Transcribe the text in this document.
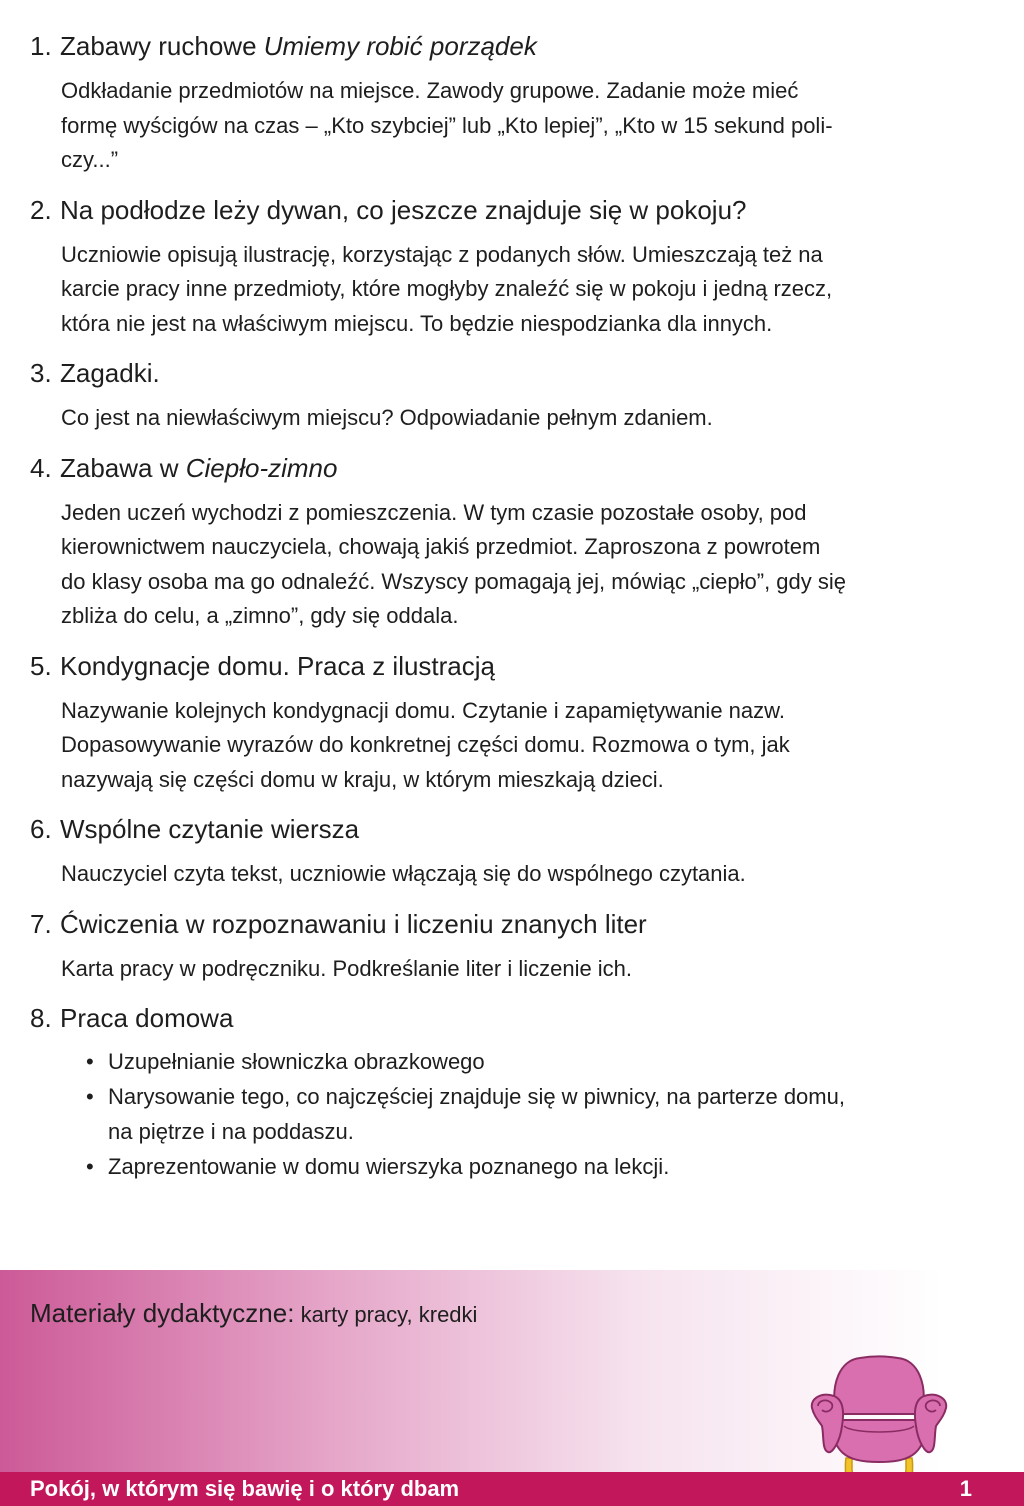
1. Zabawy ruchowe Umiemy robić porządek
Odkładanie przedmiotów na miejsce. Zawody grupowe. Zadanie może mieć
formę wyścigów na czas – „Kto szybciej” lub „Kto lepiej”, „Kto w 15 sekund poli-
czy...”
2. Na podłodze leży dywan, co jeszcze znajduje się w pokoju?
Uczniowie opisują ilustrację, korzystając z podanych słów. Umieszczają też na
karcie pracy inne przedmioty, które mogłyby znaleźć się w pokoju i jedną rzecz,
która nie jest na właściwym miejscu. To będzie niespodzianka dla innych.
3. Zagadki.
Co jest na niewłaściwym miejscu? Odpowiadanie pełnym zdaniem.
4. Zabawa w Ciepło-zimno
Jeden uczeń wychodzi z pomieszczenia. W tym czasie pozostałe osoby, pod
kierownictwem nauczyciela, chowają jakiś przedmiot. Zaproszona z powrotem
do klasy osoba ma go odnaleźć. Wszyscy pomagają jej, mówiąc „ciepło”, gdy się
zbliża do celu, a „zimno”, gdy się oddala.
5. Kondygnacje domu. Praca z ilustracją
Nazywanie kolejnych kondygnacji domu. Czytanie i zapamiętywanie nazw.
Dopasowywanie wyrazów do konkretnej części domu. Rozmowa o tym, jak
nazywają się części domu w kraju, w którym mieszkają dzieci.
6. Wspólne czytanie wiersza
Nauczyciel czyta tekst, uczniowie włączają się do wspólnego czytania.
7. Ćwiczenia w rozpoznawaniu i liczeniu znanych liter
Karta pracy w podręczniku. Podkreślanie liter i liczenie ich.
8. Praca domowa
• Uzupełnianie słowniczka obrazkowego
• Narysowanie tego, co najczęściej znajduje się w piwnicy, na parterze domu,
na piętrze i na poddaszu.
• Zaprezentowanie w domu wierszyka poznanego na lekcji.
Materiały dydaktyczne: karty pracy, kredki
Pokój, w którym się bawię i o który dbam	1
